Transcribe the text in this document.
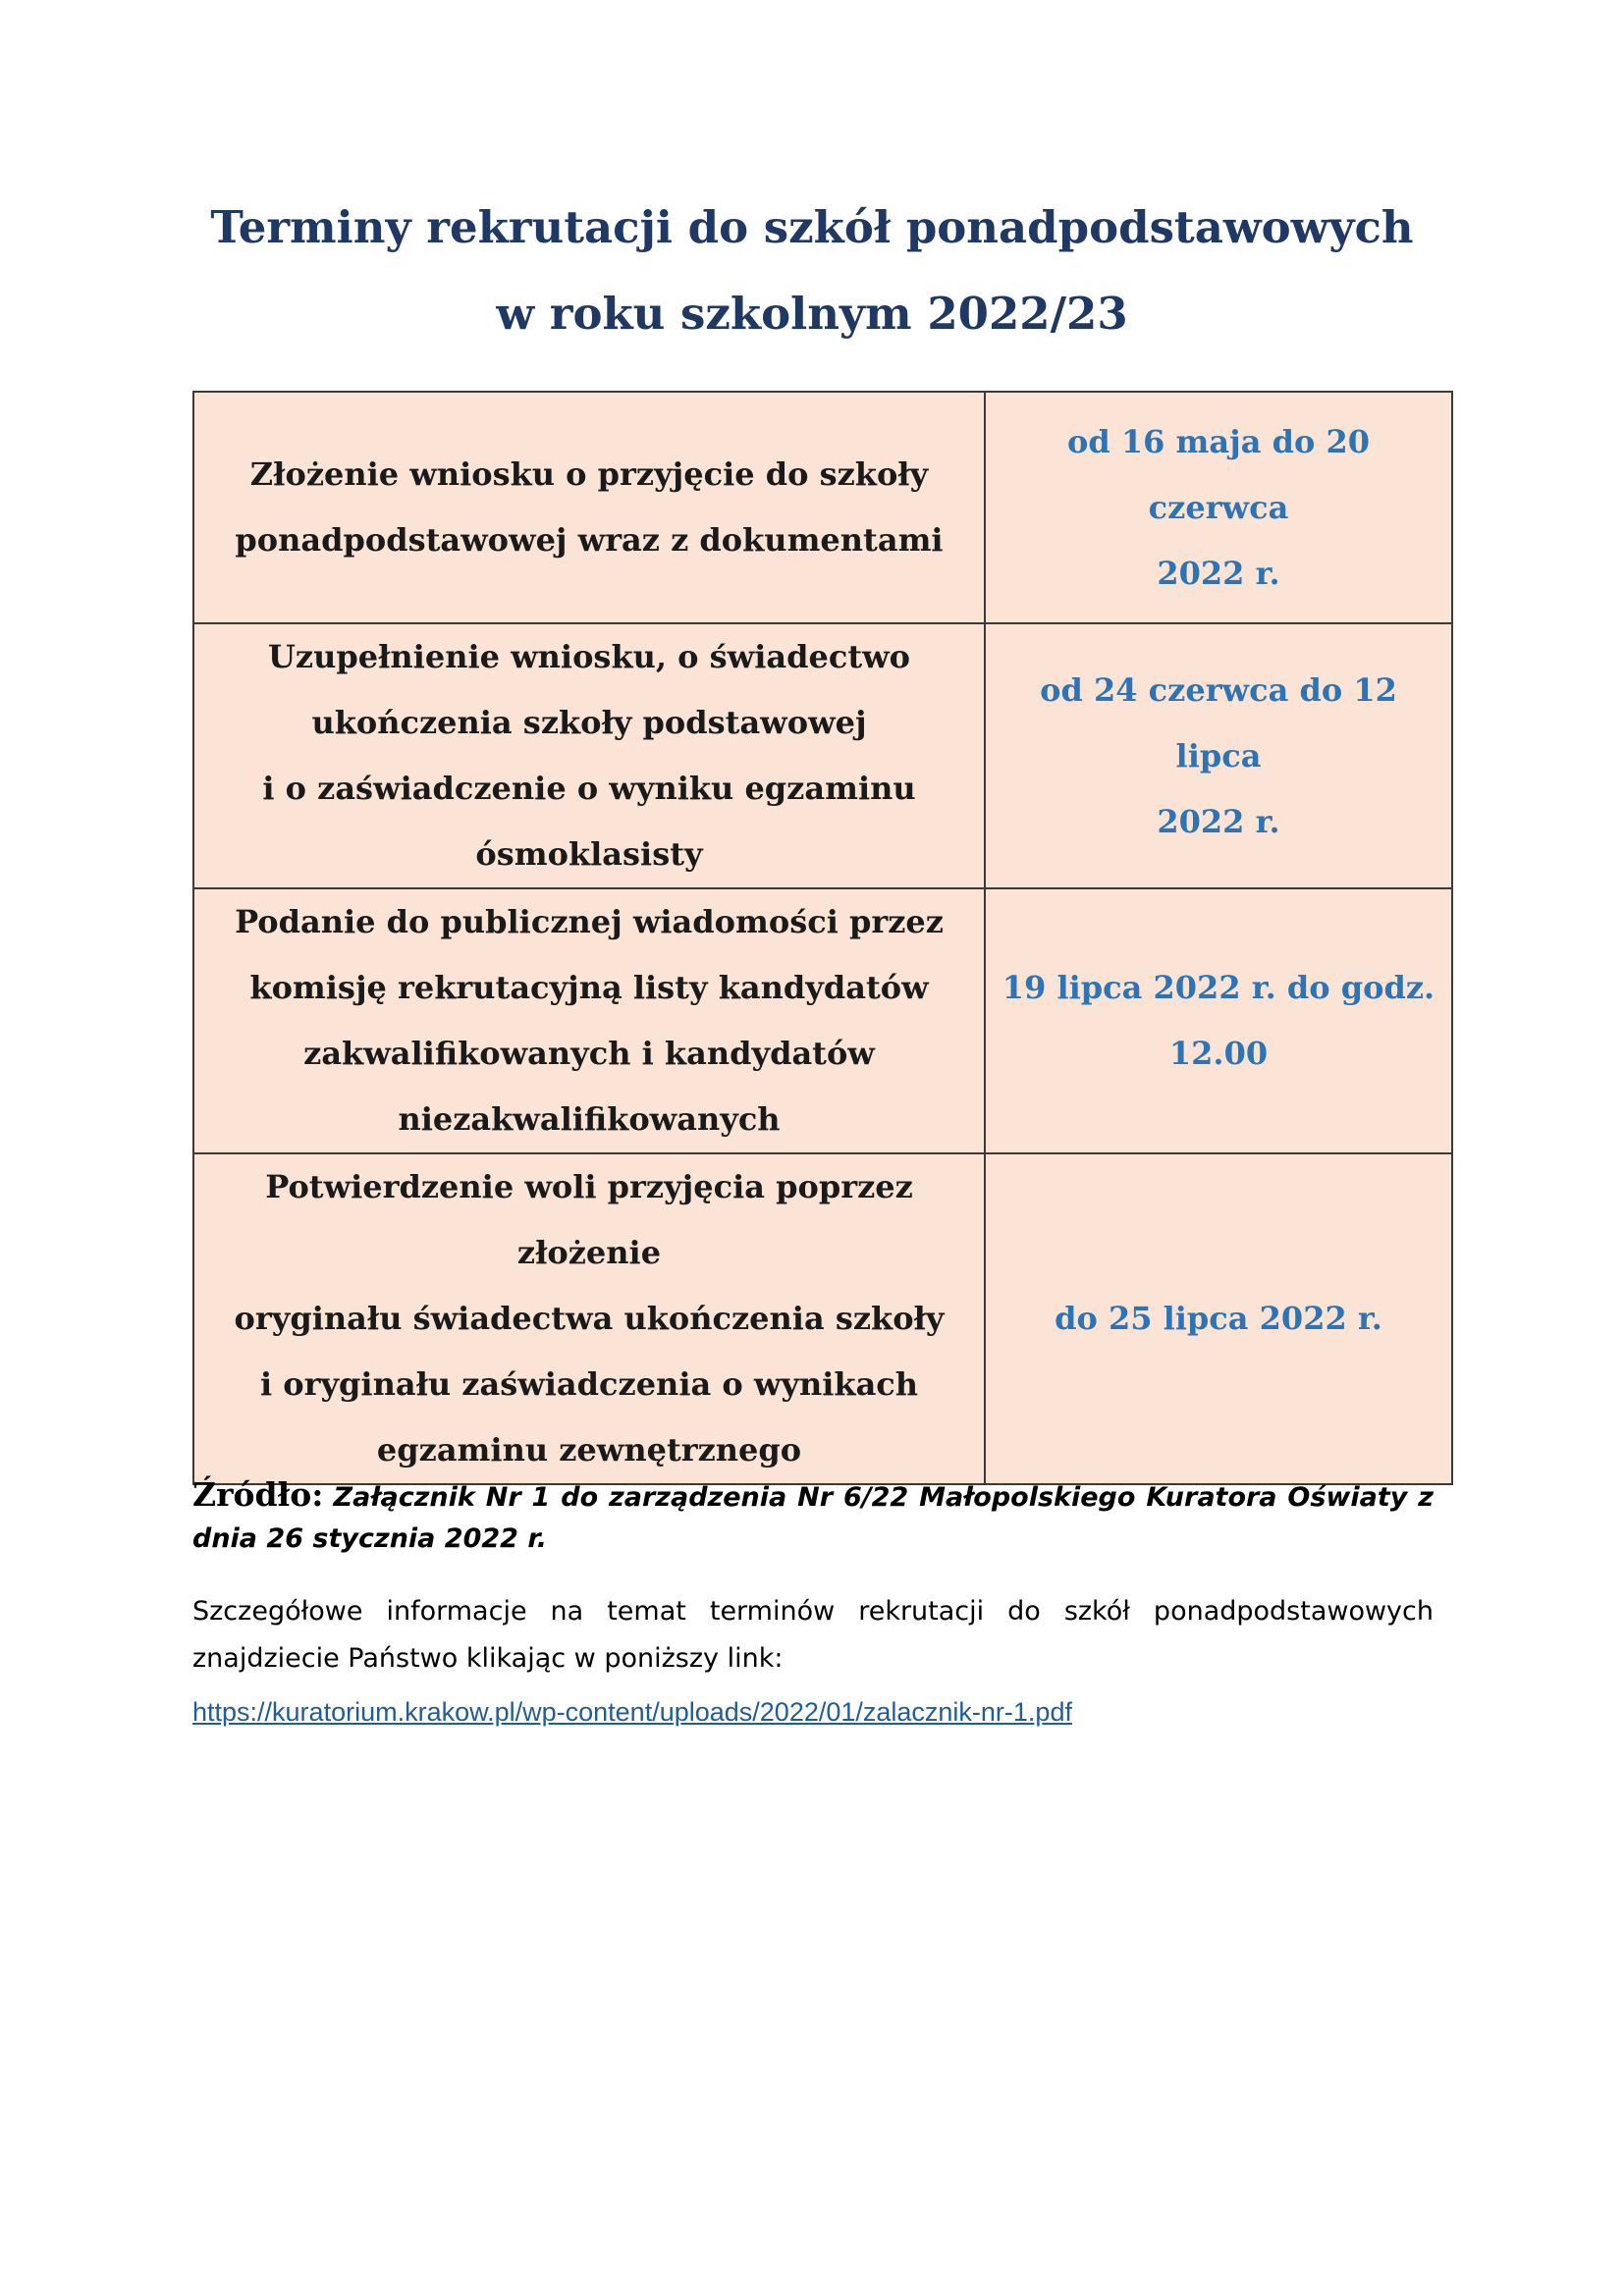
Terminy rekrutacji do szkół ponadpodstawowych
w roku szkolnym 2022/23
Złożenie wniosku o przyjęcie do szkoły
ponadpodstawowej wraz z dokumentami	od 16 maja do 20 czerwca
2022 r.

Uzupełnienie wniosku, o świadectwo
ukończenia szkoły podstawowej
i o zaświadczenie o wyniku egzaminu
ósmoklasisty	od 24 czerwca do 12 lipca
2022 r.

Podanie do publicznej wiadomości przez
komisję rekrutacyjną listy kandydatów
zakwalifikowanych i kandydatów
niezakwalifikowanych	19 lipca 2022 r. do godz.
12.00

Potwierdzenie woli przyjęcia poprzez złożenie
oryginału świadectwa ukończenia szkoły
i oryginału zaświadczenia o wynikach
egzaminu zewnętrznego	do 25 lipca 2022 r.

Źródło: Załącznik Nr 1 do zarządzenia Nr 6/22 Małopolskiego Kuratora Oświaty z dnia 26 stycznia 2022 r.

Szczegółowe informacje na temat terminów rekrutacji do szkół ponadpodstawowych znajdziecie Państwo klikając w poniższy link:

https://kuratorium.krakow.pl/wp-content/uploads/2022/01/zalacznik-nr-1.pdf
